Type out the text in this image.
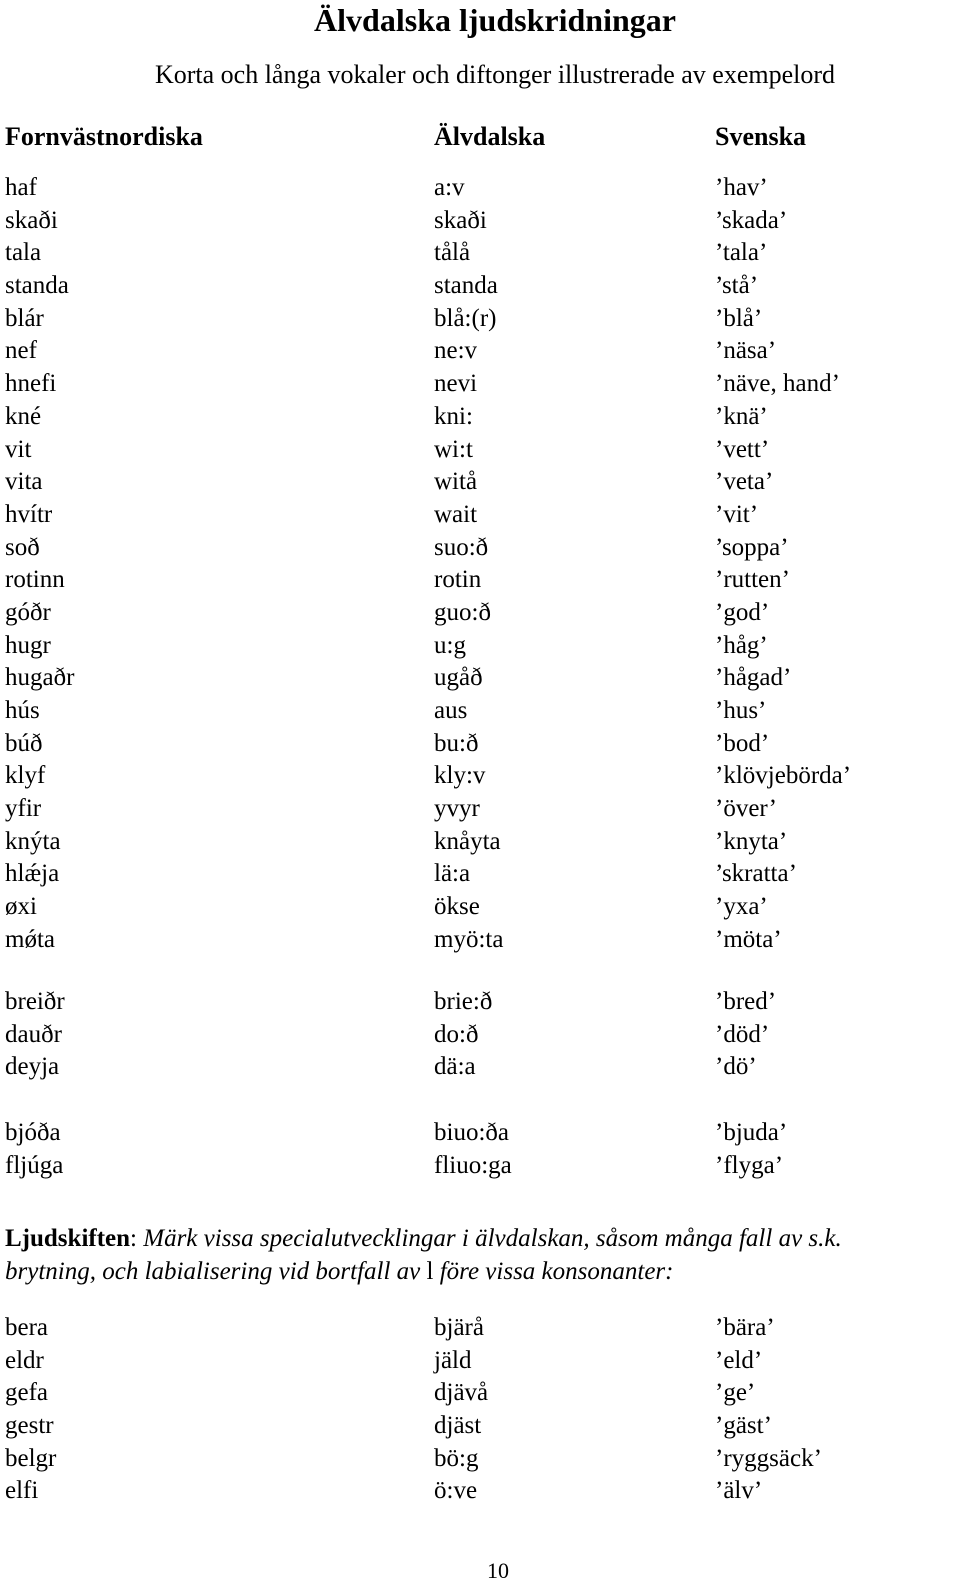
Älvdalska ljudskridningar
Korta och långa vokaler och diftonger illustrerade av exempelord
Fornvästnordiska	Älvdalska	Svenska
haf	a:v	’hav’
skaði	skaði	’skada’
tala	tålå	’tala’
standa	standa	’stå’
blár	blå:(r)	’blå’
nef	ne:v	’näsa’
hnefi	nevi	’näve, hand’
kné	kni:	’knä’
vit	wi:t	’vett’
vita	witå	’veta’
hvítr	wait	’vit’
soð	suo:ð	’soppa’
rotinn	rotin	’rutten’
góðr	guo:ð	’god’
hugr	u:g	’håg’
hugaðr	ugåð	’hågad’
hús	aus	’hus’
búð	bu:ð	’bod’
klyf	kly:v	’klövjebörda’
yfir	yvyr	’över’
knýta	knåyta	’knyta’
hlǽja	lä:a	’skratta’
øxi	ökse	’yxa’
mǿta	myö:ta	’möta’
breiðr	brie:ð	’bred’
dauðr	do:ð	’död’
deyja	dä:a	’dö’
bjóða	biuo:ða	’bjuda’
fljúga	fliuo:ga	’flyga’
Ljudskiften: Märk vissa specialutvecklingar i älvdalskan, såsom många fall av s.k.
brytning, och labialisering vid bortfall av l före vissa konsonanter:
bera	bjärå	’bära’
eldr	jäld	’eld’
gefa	djävå	’ge’
gestr	djäst	’gäst’
belgr	bö:g	’ryggsäck’
elfi	ö:ve	’älv’
10
